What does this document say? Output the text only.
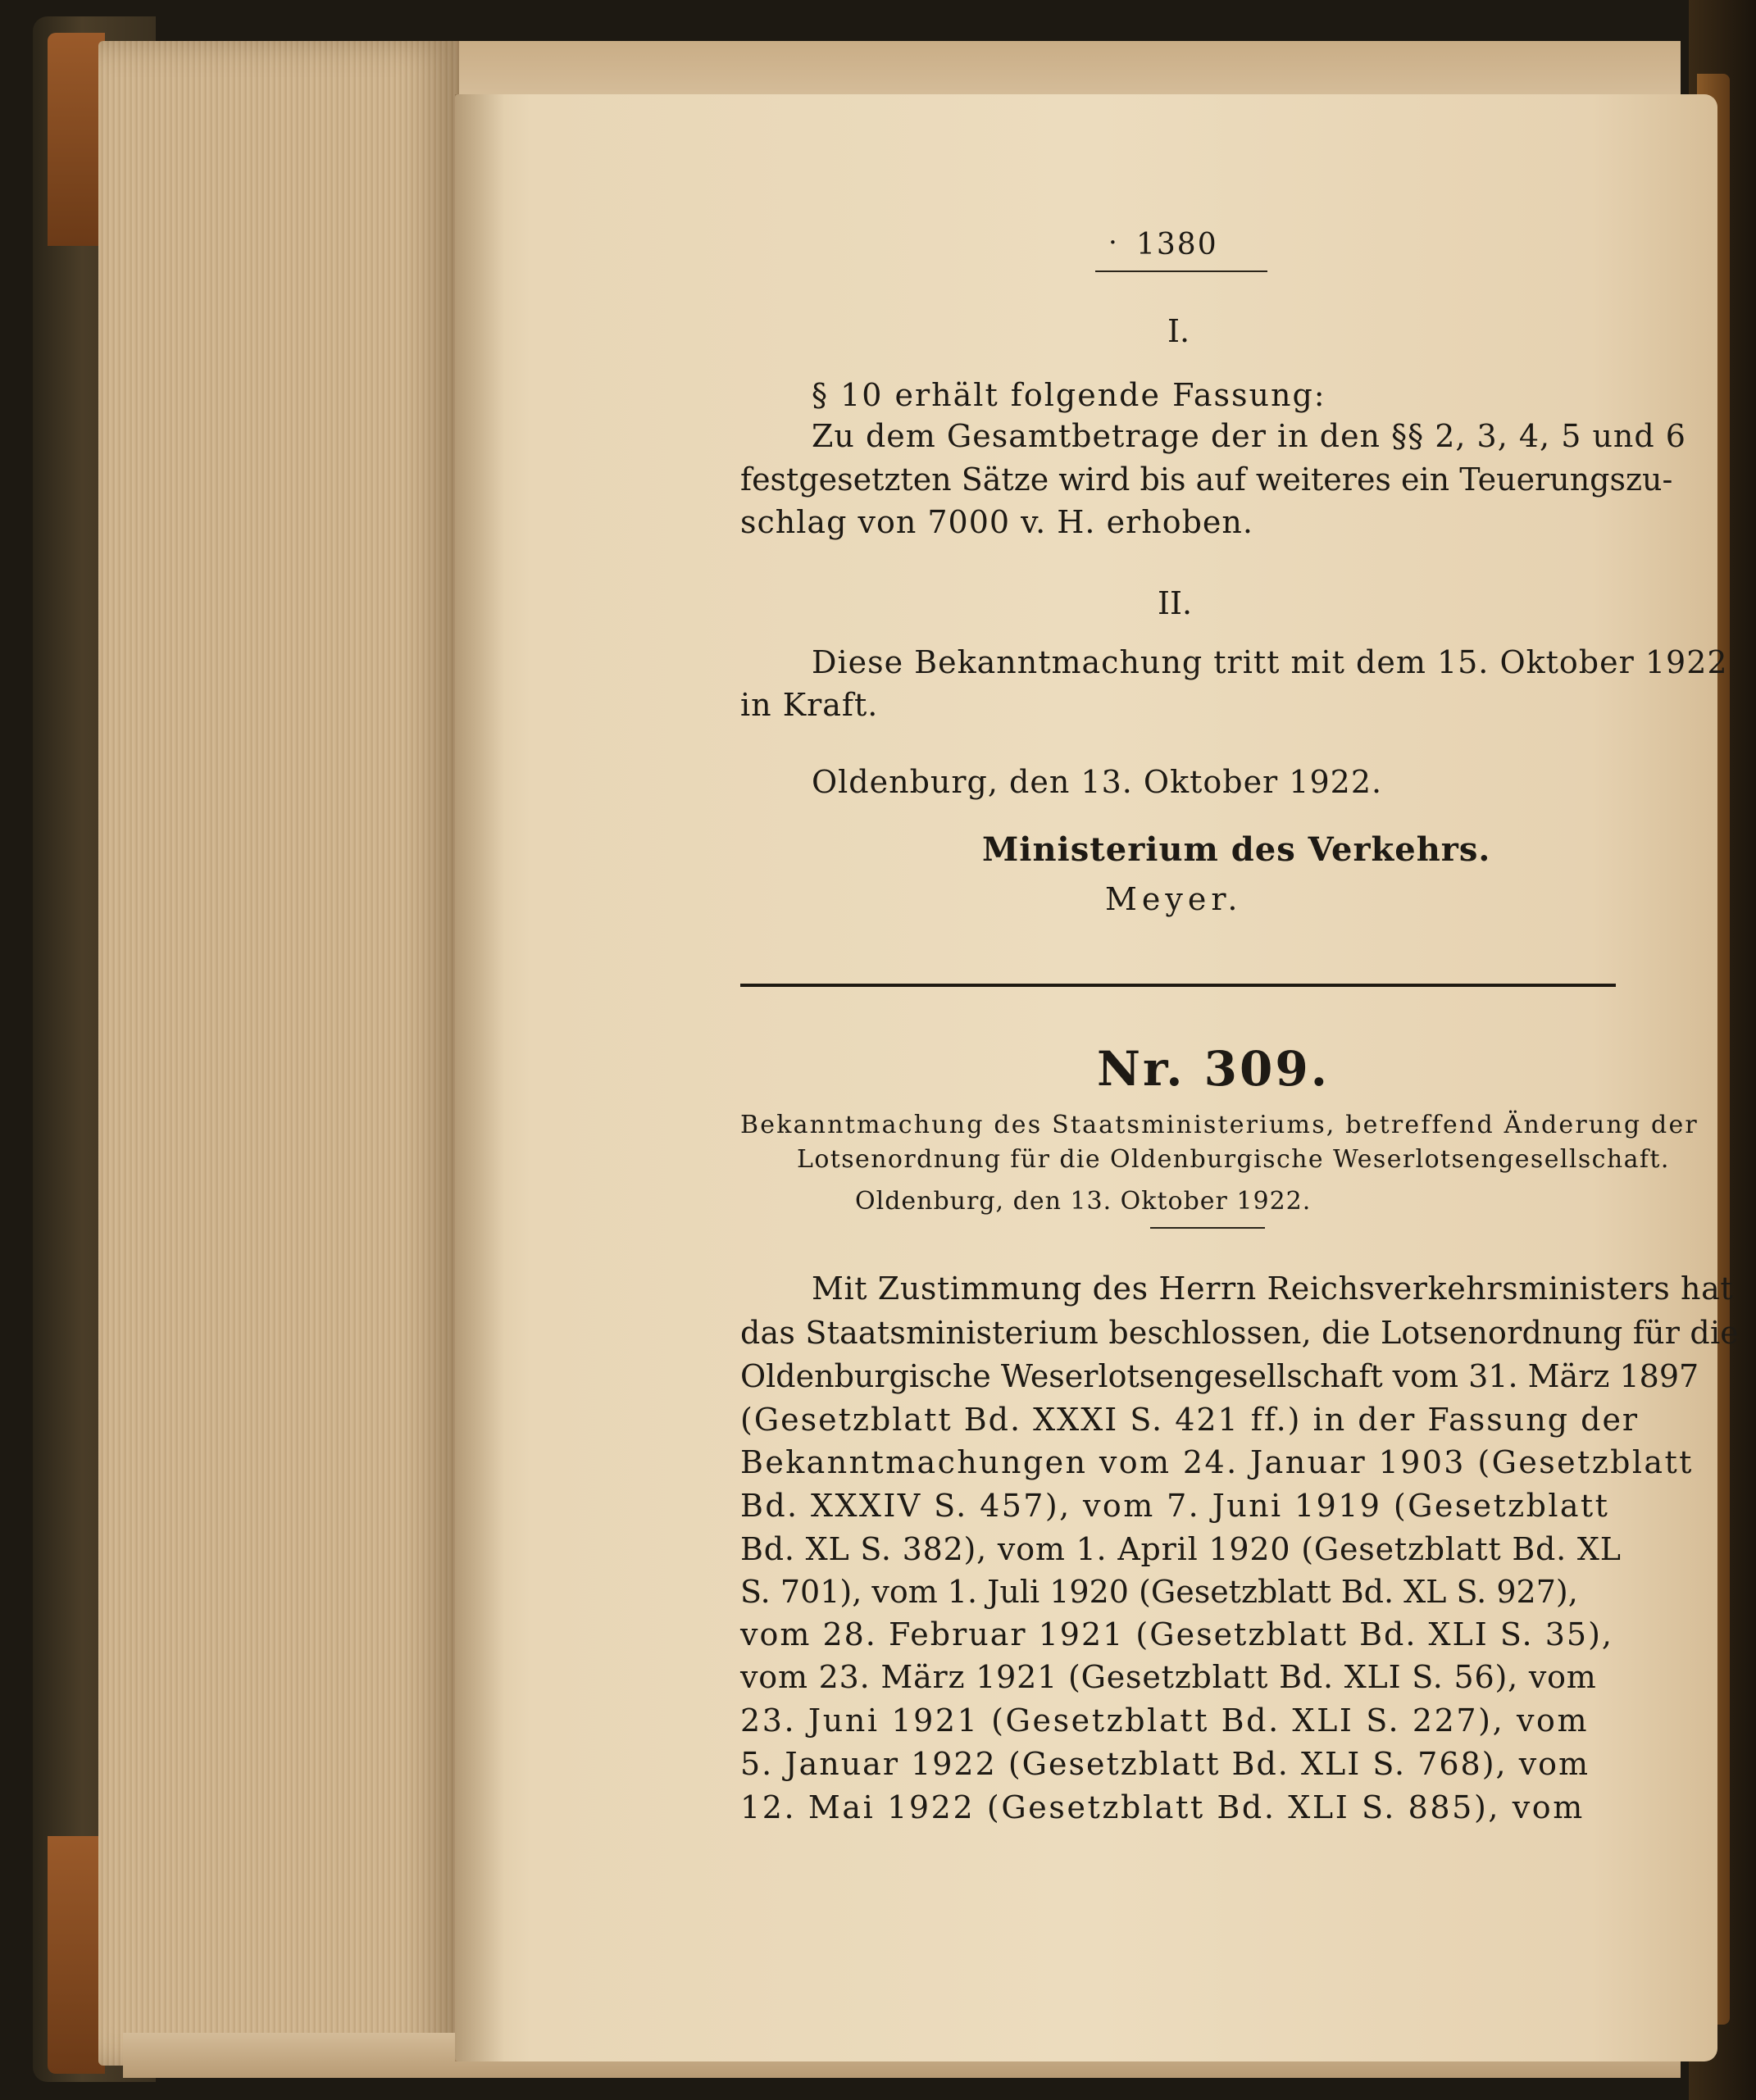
· 1380
I.
§ 10 erhält folgende Fassung:
Zu dem Gesamtbetrage der in den §§ 2, 3, 4, 5 und 6
festgesetzten Sätze wird bis auf weiteres ein Teuerungszu-
schlag von 7000 v. H. erhoben.
II.
Diese Bekanntmachung tritt mit dem 15. Oktober 1922
in Kraft.
Oldenburg, den 13. Oktober 1922.
Ministerium des Verkehrs.
Meyer.
Nr. 309.
Bekanntmachung des Staatsministeriums, betreffend Änderung der
Lotsenordnung für die Oldenburgische Weserlotsengesellschaft.
Oldenburg, den 13. Oktober 1922.
Mit Zustimmung des Herrn Reichsverkehrsministers hat
das Staatsministerium beschlossen, die Lotsenordnung für die
Oldenburgische Weserlotsengesellschaft vom 31. März 1897
(Gesetzblatt Bd. XXXI S. 421 ff.) in der Fassung der
Bekanntmachungen vom 24. Januar 1903 (Gesetzblatt
Bd. XXXIV S. 457), vom 7. Juni 1919 (Gesetzblatt
Bd. XL S. 382), vom 1. April 1920 (Gesetzblatt Bd. XL
S. 701), vom 1. Juli 1920 (Gesetzblatt Bd. XL S. 927),
vom 28. Februar 1921 (Gesetzblatt Bd. XLI S. 35),
vom 23. März 1921 (Gesetzblatt Bd. XLI S. 56), vom
23. Juni 1921 (Gesetzblatt Bd. XLI S. 227), vom
5. Januar 1922 (Gesetzblatt Bd. XLI S. 768), vom
12. Mai 1922 (Gesetzblatt Bd. XLI S. 885), vom
